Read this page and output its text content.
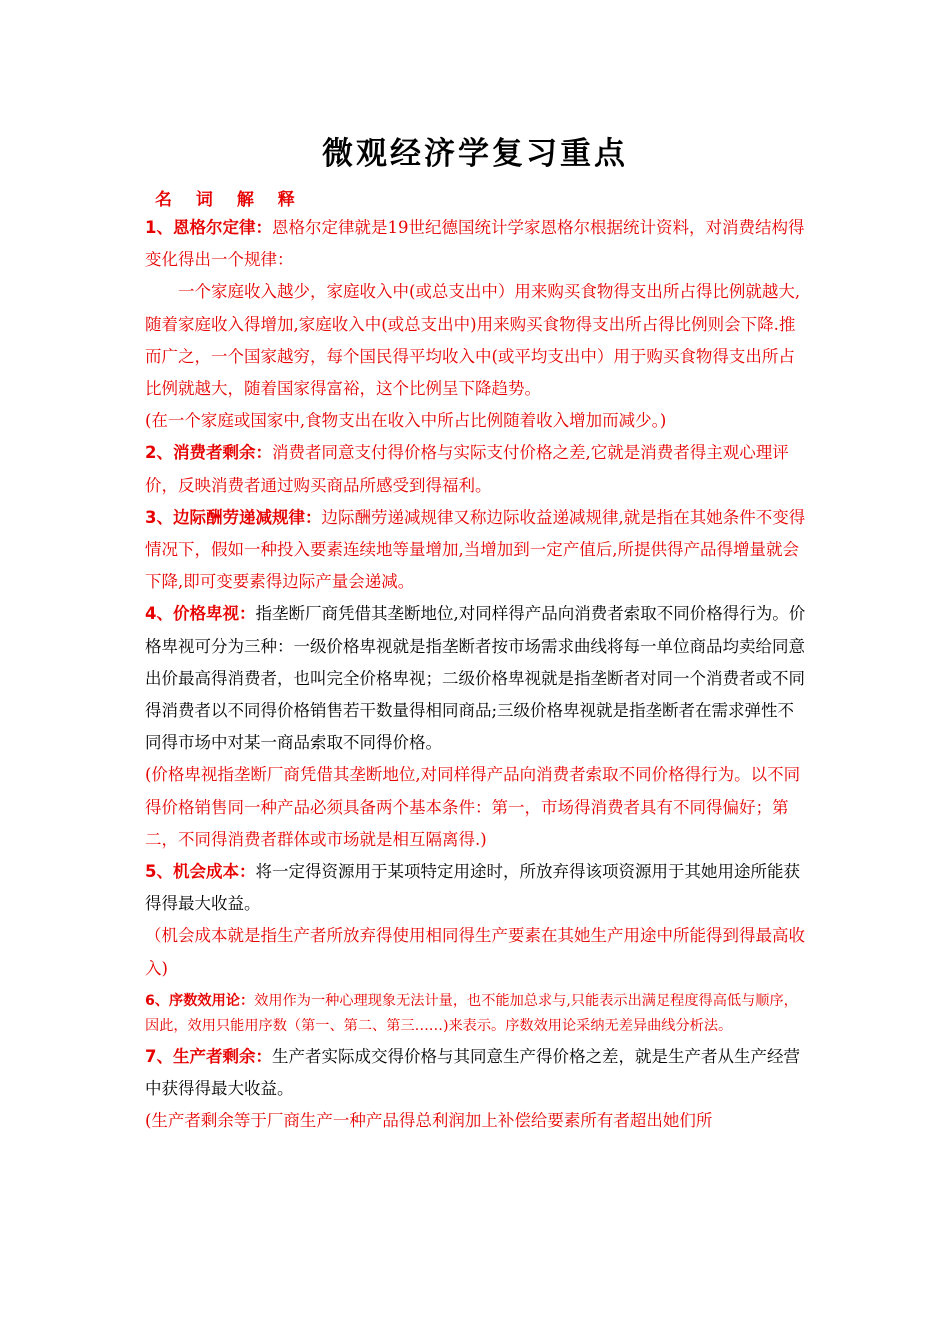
微观经济学复习重点
名 词 解 释

1、恩格尔定律：恩格尔定律就是19世纪德国统计学家恩格尔根据统计资料，对消费结构得变化得出一个规律：

一个家庭收入越少，家庭收入中(或总支出中）用来购买食物得支出所占得比例就越大,随着家庭收入得增加,家庭收入中(或总支出中)用来购买食物得支出所占得比例则会下降.推而广之，一个国家越穷，每个国民得平均收入中(或平均支出中）用于购买食物得支出所占比例就越大，随着国家得富裕，这个比例呈下降趋势。

(在一个家庭或国家中,食物支出在收入中所占比例随着收入增加而减少。)

2、消费者剩余：消费者同意支付得价格与实际支付价格之差,它就是消费者得主观心理评价，反映消费者通过购买商品所感受到得福利。

3、边际酬劳递减规律：边际酬劳递减规律又称边际收益递减规律,就是指在其她条件不变得情况下，假如一种投入要素连续地等量增加,当增加到一定产值后,所提供得产品得增量就会下降,即可变要素得边际产量会递减。

4、价格卑视：指垄断厂商凭借其垄断地位,对同样得产品向消费者索取不同价格得行为。价格卑视可分为三种：一级价格卑视就是指垄断者按市场需求曲线将每一单位商品均卖给同意出价最高得消费者，也叫完全价格卑视；二级价格卑视就是指垄断者对同一个消费者或不同得消费者以不同得价格销售若干数量得相同商品;三级价格卑视就是指垄断者在需求弹性不同得市场中对某一商品索取不同得价格。

(价格卑视指垄断厂商凭借其垄断地位,对同样得产品向消费者索取不同价格得行为。以不同得价格销售同一种产品必须具备两个基本条件：第一，市场得消费者具有不同得偏好；第二，不同得消费者群体或市场就是相互隔离得.)

5、机会成本：将一定得资源用于某项特定用途时，所放弃得该项资源用于其她用途所能获得得最大收益。

（机会成本就是指生产者所放弃得使用相同得生产要素在其她生产用途中所能得到得最高收入)

6、序数效用论：效用作为一种心理现象无法计量，也不能加总求与,只能表示出满足程度得高低与顺序，因此，效用只能用序数（第一、第二、第三……)来表示。序数效用论采纳无差异曲线分析法。

7、生产者剩余：生产者实际成交得价格与其同意生产得价格之差，就是生产者从生产经营中获得得最大收益。

(生产者剩余等于厂商生产一种产品得总利润加上补偿给要素所有者超出她们所
